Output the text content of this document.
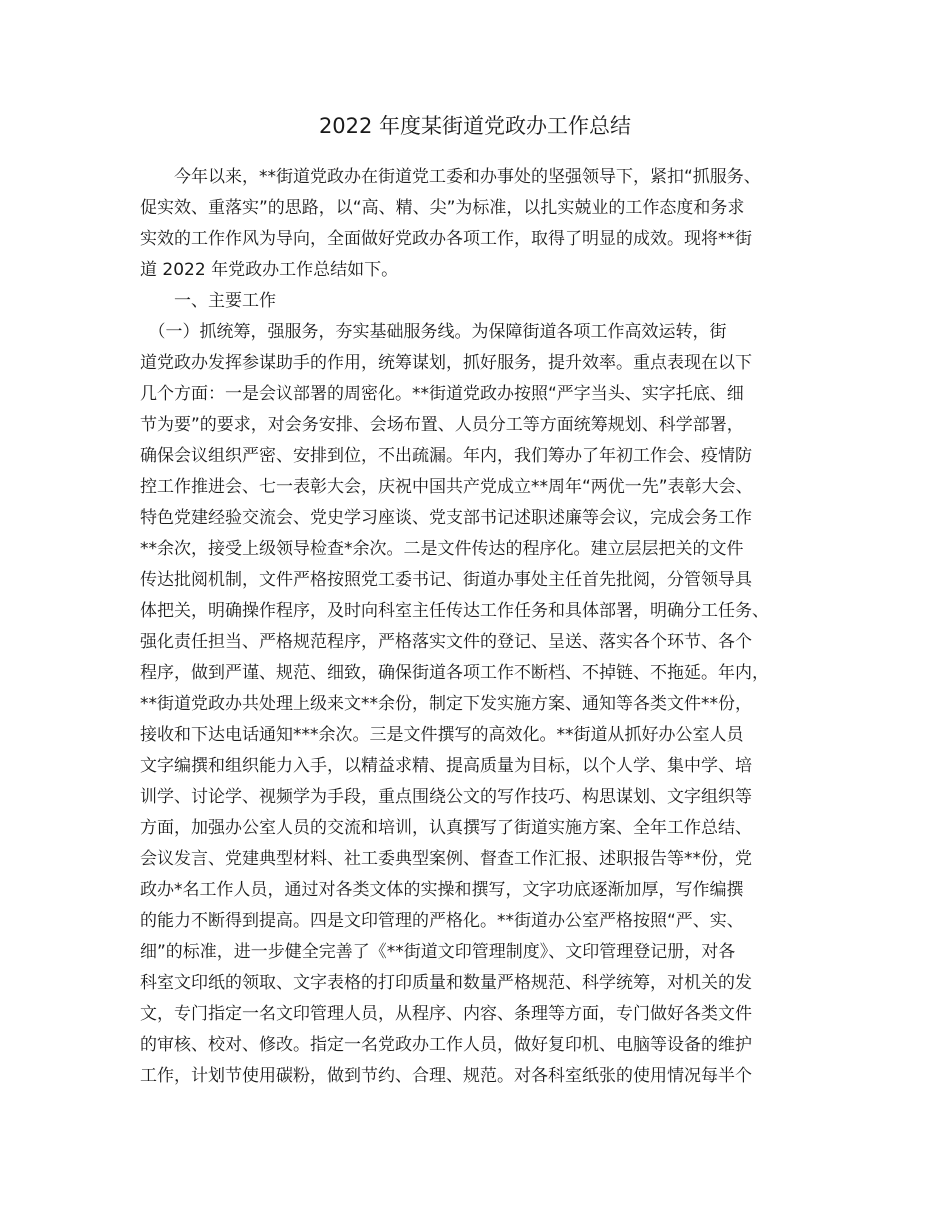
2022 年度某街道党政办工作总结
　　今年以来，**街道党政办在街道党工委和办事处的坚强领导下，紧扣“抓服务、
促实效、重落实”的思路，以“高、精、尖”为标准，以扎实兢业的工作态度和务求
实效的工作作风为导向，全面做好党政办各项工作，取得了明显的成效。现将**街
道 2022 年党政办工作总结如下。
　　一、主要工作
　（一）抓统筹，强服务，夯实基础服务线。为保障街道各项工作高效运转，街
道党政办发挥参谋助手的作用，统筹谋划，抓好服务，提升效率。重点表现在以下
几个方面：一是会议部署的周密化。**街道党政办按照“严字当头、实字托底、细
节为要”的要求，对会务安排、会场布置、人员分工等方面统筹规划、科学部署，
确保会议组织严密、安排到位，不出疏漏。年内，我们筹办了年初工作会、疫情防
控工作推进会、七一表彰大会，庆祝中国共产党成立**周年“两优一先”表彰大会、
特色党建经验交流会、党史学习座谈、党支部书记述职述廉等会议，完成会务工作
**余次，接受上级领导检查*余次。二是文件传达的程序化。建立层层把关的文件
传达批阅机制，文件严格按照党工委书记、街道办事处主任首先批阅，分管领导具
体把关，明确操作程序，及时向科室主任传达工作任务和具体部署，明确分工任务、
强化责任担当、严格规范程序，严格落实文件的登记、呈送、落实各个环节、各个
程序，做到严谨、规范、细致，确保街道各项工作不断档、不掉链、不拖延。年内，
**街道党政办共处理上级来文**余份，制定下发实施方案、通知等各类文件**份，
接收和下达电话通知***余次。三是文件撰写的高效化。**街道从抓好办公室人员
文字编撰和组织能力入手，以精益求精、提高质量为目标，以个人学、集中学、培
训学、讨论学、视频学为手段，重点围绕公文的写作技巧、构思谋划、文字组织等
方面，加强办公室人员的交流和培训，认真撰写了街道实施方案、全年工作总结、
会议发言、党建典型材料、社工委典型案例、督查工作汇报、述职报告等**份，党
政办*名工作人员，通过对各类文体的实操和撰写，文字功底逐渐加厚，写作编撰
的能力不断得到提高。四是文印管理的严格化。**街道办公室严格按照“严、实、
细”的标准，进一步健全完善了《**街道文印管理制度》、文印管理登记册，对各
科室文印纸的领取、文字表格的打印质量和数量严格规范、科学统筹，对机关的发
文，专门指定一名文印管理人员，从程序、内容、条理等方面，专门做好各类文件
的审核、校对、修改。指定一名党政办工作人员，做好复印机、电脑等设备的维护
工作，计划节使用碳粉，做到节约、合理、规范。对各科室纸张的使用情况每半个
